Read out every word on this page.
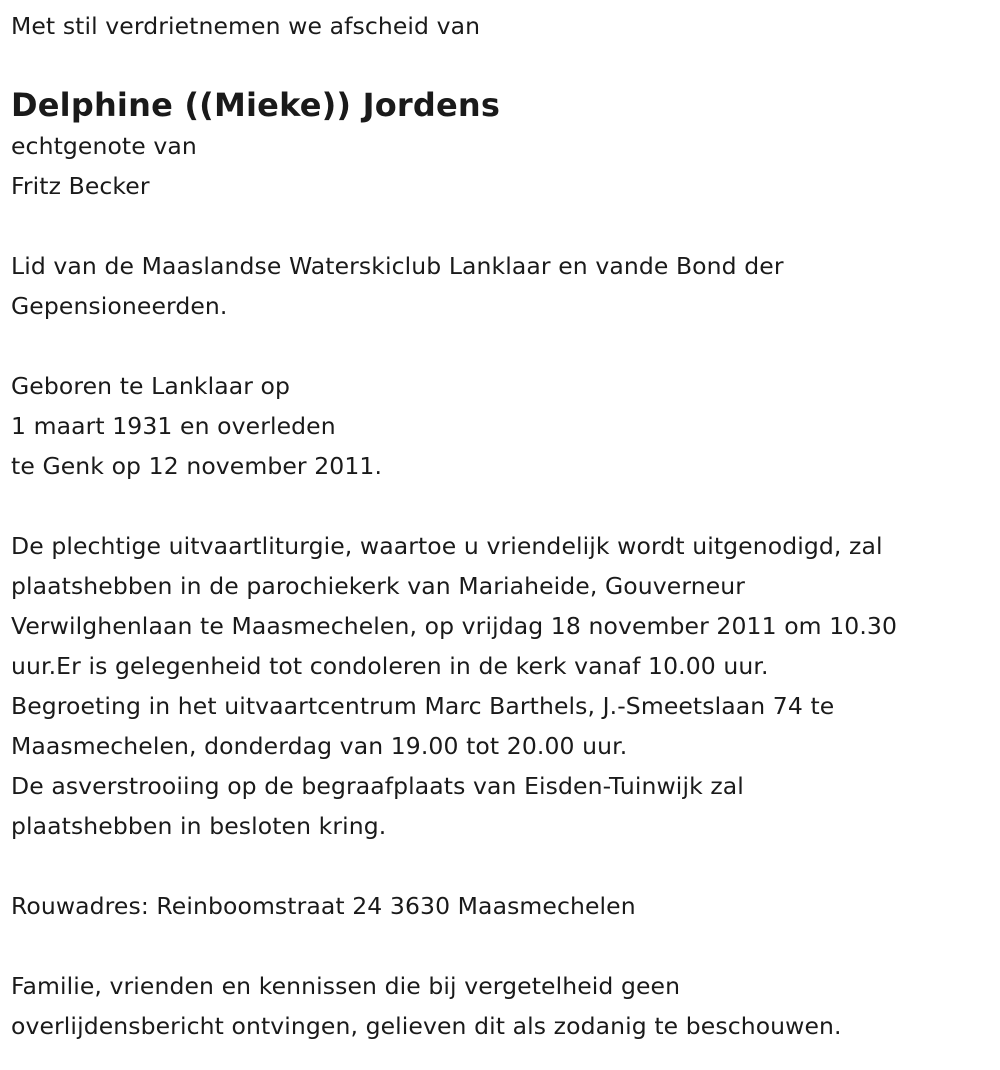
Met stil verdrietnemen we afscheid van
Delphine ((Mieke)) Jordens
echtgenote van
Fritz Becker
Lid van de Maaslandse Waterskiclub Lanklaar en vande Bond der
Gepensioneerden.
Geboren te Lanklaar op
1 maart 1931 en overleden
te Genk op 12 november 2011.
De plechtige uitvaartliturgie, waartoe u vriendelijk wordt uitgenodigd, zal
plaatshebben in de parochiekerk van Mariaheide, Gouverneur
Verwilghenlaan te Maasmechelen, op vrijdag 18 november 2011 om 10.30
uur.Er is gelegenheid tot condoleren in de kerk vanaf 10.00 uur.
Begroeting in het uitvaartcentrum Marc Barthels, J.-Smeetslaan 74 te
Maasmechelen, donderdag van 19.00 tot 20.00 uur.
De asverstrooiing op de begraafplaats van Eisden-Tuinwijk zal
plaatshebben in besloten kring.
Rouwadres: Reinboomstraat 24 3630 Maasmechelen
Familie, vrienden en kennissen die bij vergetelheid geen
overlijdensbericht ontvingen, gelieven dit als zodanig te beschouwen.
